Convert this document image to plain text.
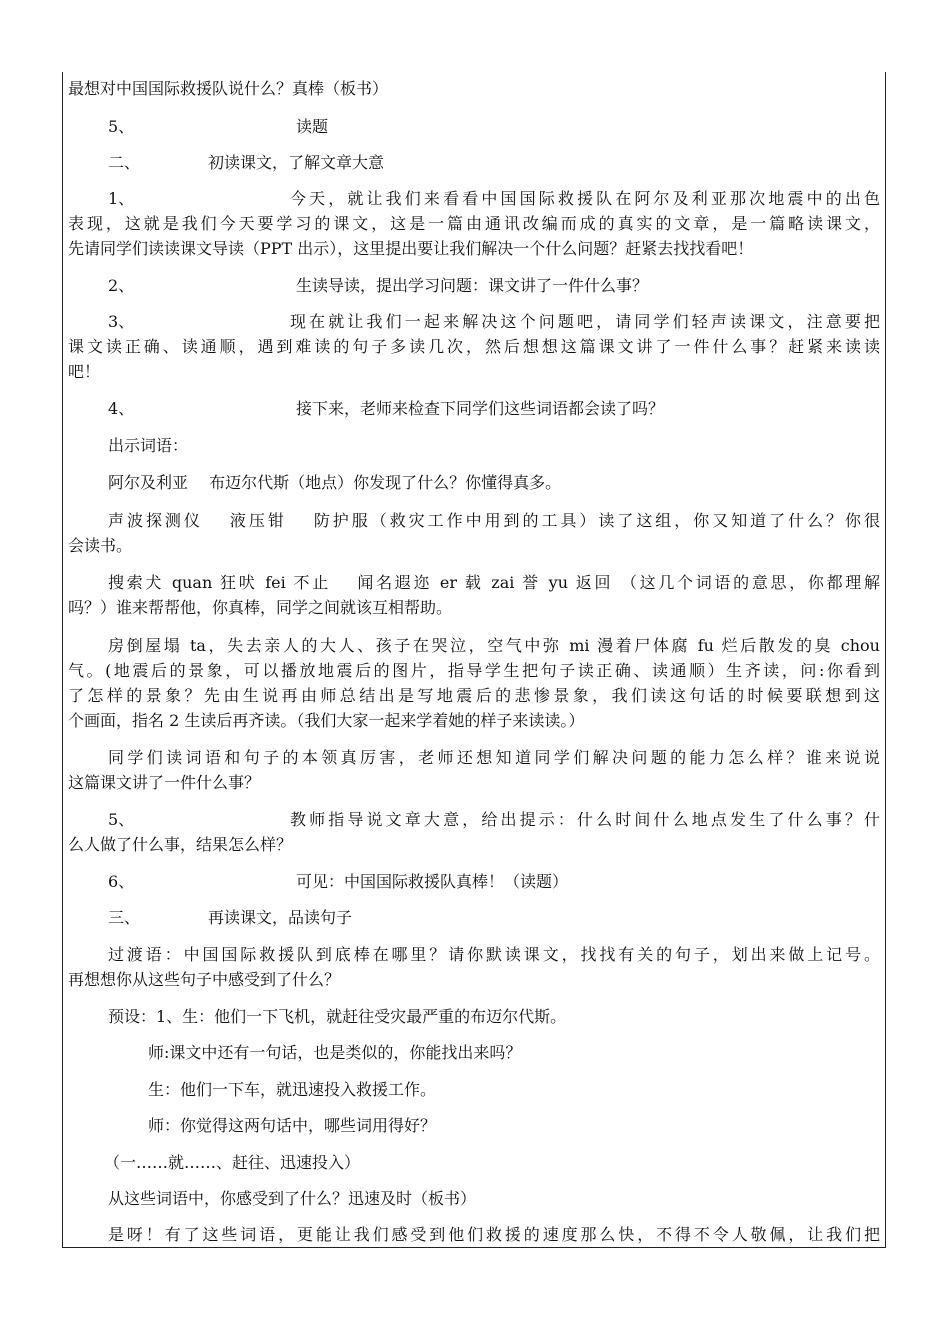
最想对中国国际救援队说什么？真棒（板书）
5、	读题
二、	初读课文，了解文章大意
1、	今天，就让我们来看看中国国际救援队在阿尔及利亚那次地震中的出色
表现，这就是我们今天要学习的课文，这是一篇由通讯改编而成的真实的文章，是一篇略读课文，
先请同学们读读课文导读（PPT 出示），这里提出要让我们解决一个什么问题？赶紧去找找看吧！
2、	生读导读，提出学习问题：课文讲了一件什么事？
3、	现在就让我们一起来解决这个问题吧，请同学们轻声读课文，注意要把
课文读正确、读通顺，遇到难读的句子多读几次，然后想想这篇课文讲了一件什么事？赶紧来读读
吧！
4、	接下来，老师来检查下同学们这些词语都会读了吗？
出示词语：
阿尔及利亚　 布迈尔代斯（地点）你发现了什么？你懂得真多。
声波探测仪　 液压钳　 防护服（救灾工作中用到的工具）读了这组，你又知道了什么？你很
会读书。
搜索犬 quan 狂吠 fei 不止　 闻名遐迩 er 载 zai 誉 yu 返回 （这几个词语的意思，你都理解
吗？）谁来帮帮他，你真棒，同学之间就该互相帮助。
房倒屋塌 ta，失去亲人的大人、孩子在哭泣，空气中弥 mi 漫着尸体腐 fu 烂后散发的臭 chou
气。(地震后的景象，可以播放地震后的图片，指导学生把句子读正确、读通顺）生齐读，问:你看到
了怎样的景象？先由生说再由师总结出是写地震后的悲惨景象，我们读这句话的时候要联想到这
个画面，指名 2 生读后再齐读。（我们大家一起来学着她的样子来读读。）
同学们读词语和句子的本领真厉害，老师还想知道同学们解决问题的能力怎么样？谁来说说
这篇课文讲了一件什么事？
5、	教师指导说文章大意，给出提示：什么时间什么地点发生了什么事？什
么人做了什么事，结果怎么样？
6、	可见：中国国际救援队真棒！（读题）
三、	再读课文，品读句子
过渡语：中国国际救援队到底棒在哪里？请你默读课文，找找有关的句子，划出来做上记号。
再想想你从这些句子中感受到了什么？
预设：1、生：他们一下飞机，就赶往受灾最严重的布迈尔代斯。
师:课文中还有一句话，也是类似的，你能找出来吗？
生：他们一下车，就迅速投入救援工作。
师：你觉得这两句话中，哪些词用得好？
（一……就……、赶往、迅速投入）
从这些词语中，你感受到了什么？迅速及时（板书）
是呀！有了这些词语，更能让我们感受到他们救援的速度那么快，不得不令人敬佩，让我们把
